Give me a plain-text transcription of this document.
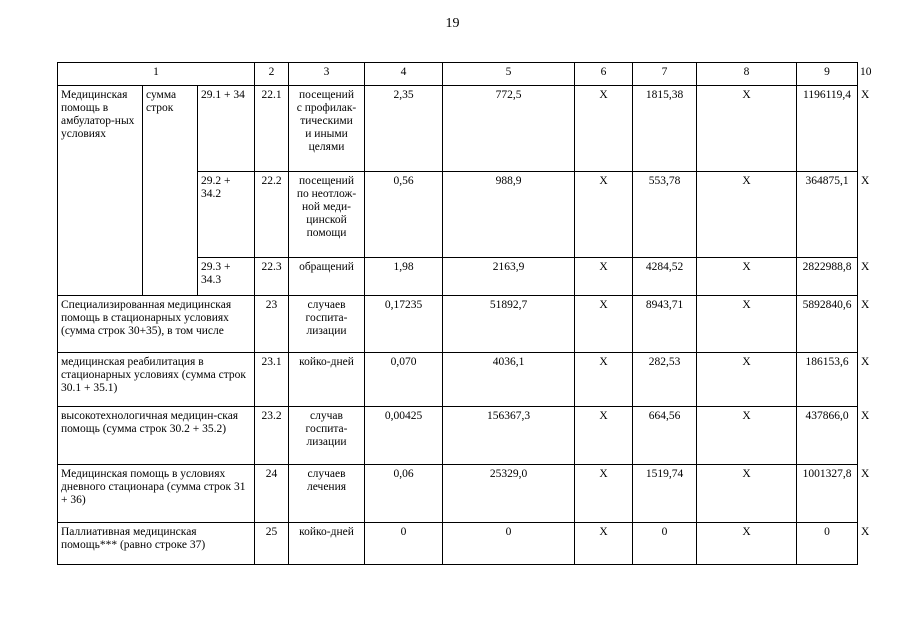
19
1			2	3	4	5	6	7	8	9	10
Медицинская помощь в амбулатор-ных условиях	сумма строк	29.1 + 34	22.1	посещений
с профилак-
тическими
и иными
целями	2,35	772,5	X	1815,38	X	1196119,4	X
		29.2 + 34.2	22.2	посещений
по неотлож-
ной меди-
цинской
помощи	0,56	988,9	X	553,78	X	364875,1	X
		29.3 + 34.3	22.3	обращений	1,98	2163,9	X	4284,52	X	2822988,8	X
Специализированная медицинская помощь в стационарных условиях (сумма строк 30+35), в том числе			23	случаев
госпита-
лизации	0,17235	51892,7	X	8943,71	X	5892840,6	X
медицинская реабилитация в стационарных условиях (сумма строк 30.1 + 35.1)			23.1	койко-дней	0,070	4036,1	X	282,53	X	186153,6	X
высокотехнологичная медицин-ская помощь (сумма строк 30.2 + 35.2)			23.2	случав
госпита-
лизации	0,00425	156367,3	X	664,56	X	437866,0	X
Медицинская помощь в условиях дневного стационара (сумма строк 31 + 36)			24	случаев
лечения	0,06	25329,0	X	1519,74	X	1001327,8	X
Паллиативная медицинская помощь*** (равно строке 37)			25	койко-дней	0	0	X	0	X	0	X
